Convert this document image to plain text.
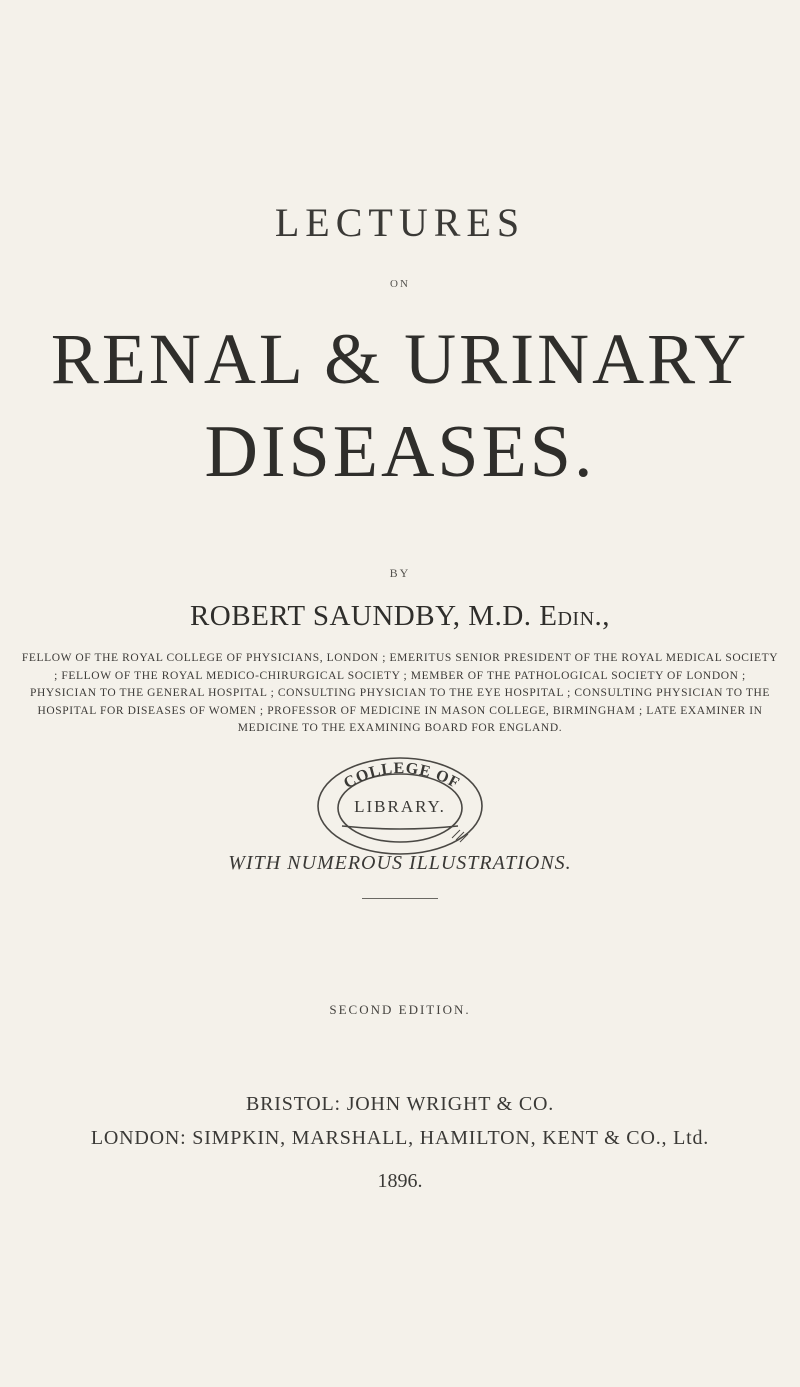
LECTURES
ON
RENAL & URINARY
DISEASES.
BY
ROBERT SAUNDBY, M.D. Edin.,
FELLOW OF THE ROYAL COLLEGE OF PHYSICIANS, LONDON ; EMERITUS SENIOR PRESIDENT OF THE ROYAL MEDICAL SOCIETY ; FELLOW OF THE ROYAL MEDICO-CHIRURGICAL SOCIETY ; MEMBER OF THE PATHOLOGICAL SOCIETY OF LONDON ; PHYSICIAN TO THE GENERAL HOSPITAL ; CONSULTING PHYSICIAN TO THE EYE HOSPITAL ; CONSULTING PHYSICIAN TO THE HOSPITAL FOR DISEASES OF WOMEN ; PROFESSOR OF MEDICINE IN MASON COLLEGE, BIRMINGHAM ; LATE EXAMINER IN MEDICINE TO THE EXAMINING BOARD FOR ENGLAND.
COLLEGE OF
LIBRARY.
WITH NUMEROUS ILLUSTRATIONS.
SECOND EDITION.
BRISTOL: JOHN WRIGHT & CO.
LONDON: SIMPKIN, MARSHALL, HAMILTON, KENT & CO., Ltd.
1896.
